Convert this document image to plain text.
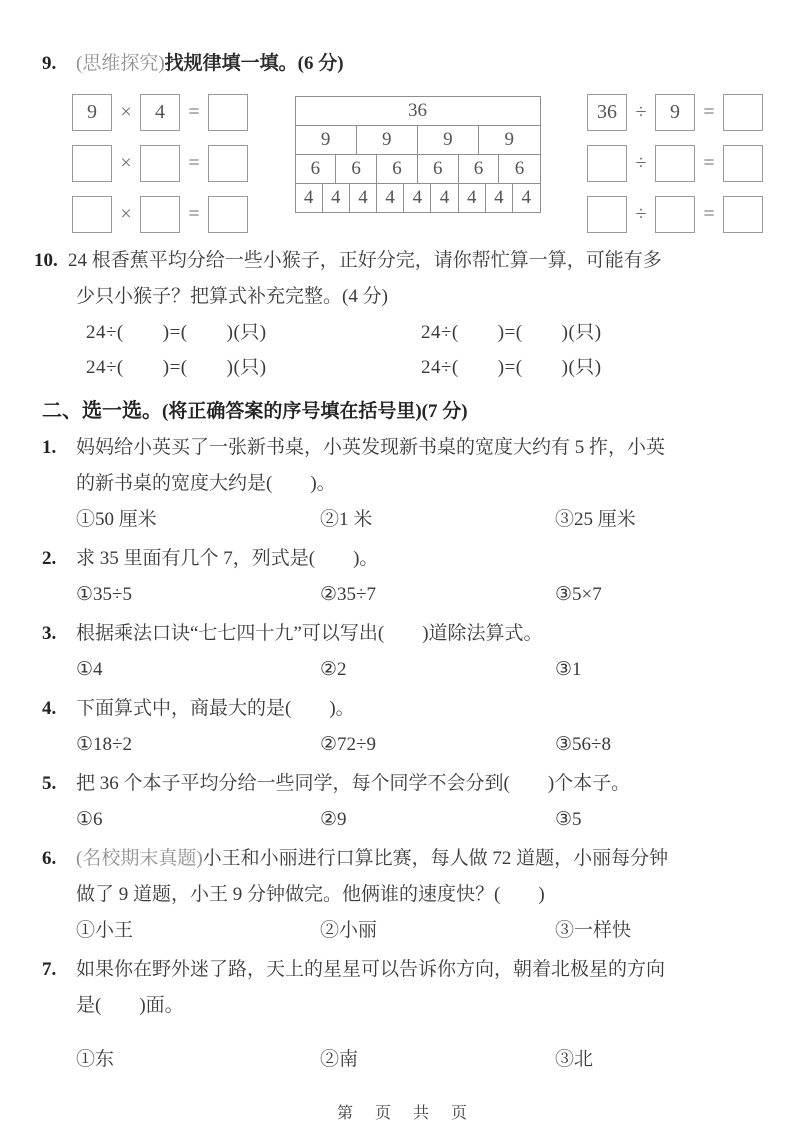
9. (思维探究)找规律填一填。(6 分)
9	×	4	=
×	=
×	=
36													
9				9			9			9			
6		6			6		6		6			6	
4	4		4		4	4		4	4		4		4
36 ÷	9	=
÷	=
÷	=
10. 24 根香蕉平均分给一些小猴子，正好分完，请你帮忙算一算，可能有多
少只小猴子？把算式补充完整。(4 分)
24÷(　　)=(　　)(只)	24÷(　　)=(　　)(只)
24÷(　　)=(　　)(只)	24÷(　　)=(　　)(只)
二、选一选。(将正确答案的序号填在括号里)(7 分)
1. 妈妈给小英买了一张新书桌，小英发现新书桌的宽度大约有 5 拃，小英
的新书桌的宽度大约是(　　)。
①50 厘米	②1 米	③25 厘米
2. 求 35 里面有几个 7，列式是(　　)。
①35÷5	②35÷7	③5×7
3. 根据乘法口诀“七七四十九”可以写出(　　)道除法算式。
①4	②2	③1
4. 下面算式中，商最大的是(　　)。
①18÷2	②72÷9	③56÷8
5. 把 36 个本子平均分给一些同学，每个同学不会分到(　　)个本子。
①6	②9	③5
6. (名校期末真题)小王和小丽进行口算比赛，每人做 72 道题，小丽每分钟
做了 9 道题，小王 9 分钟做完。他俩谁的速度快？(　　)
①小王	②小丽	③一样快
7. 如果你在野外迷了路，天上的星星可以告诉你方向，朝着北极星的方向
是(　　)面。
①东	②南	③北
第 页 共 页
